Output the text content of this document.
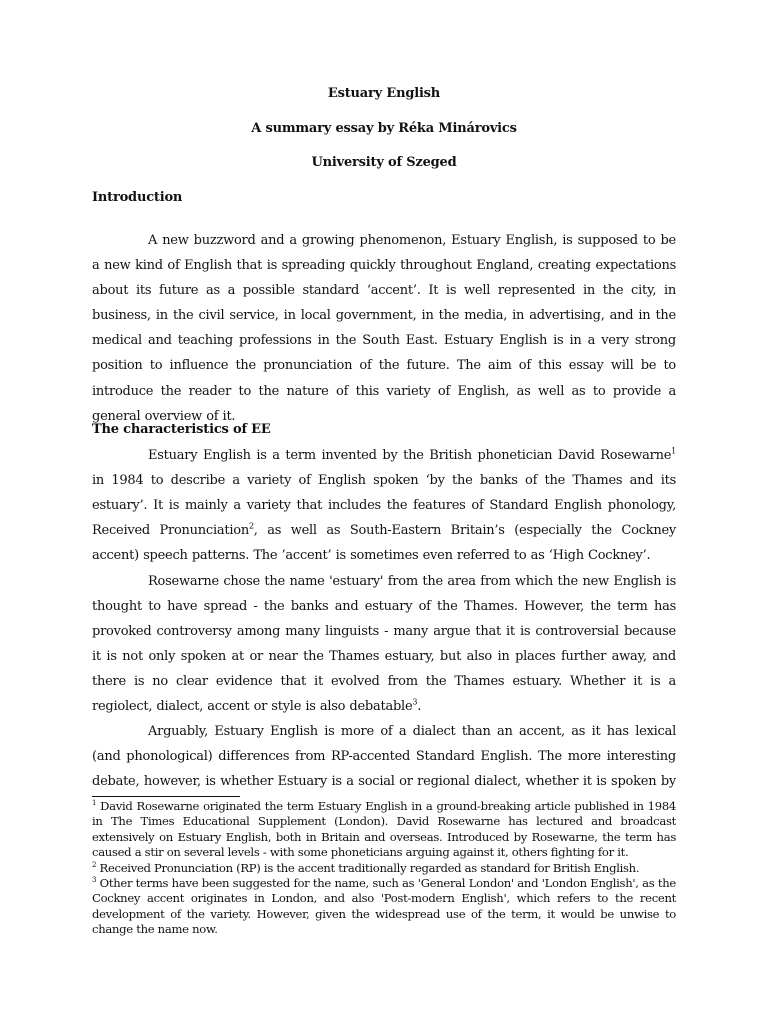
Estuary English
A summary essay by Réka Minárovics
University of Szeged
Introduction

A new buzzword and a growing phenomenon, Estuary English, is supposed to be a new kind of English that is spreading quickly throughout England, creating expectations about its future as a possible standard ‘accent’. It is well represented in the city, in business, in the civil service, in local government, in the media, in advertising, and in the medical and teaching professions in the South East. Estuary English is in a very strong position to influence the pronunciation of the future. The aim of this essay will be to introduce the reader to the nature of this variety of English, as well as to provide a general overview of it.

The characteristics of EE

Estuary English is a term invented by the British phonetician David Rosewarne$^1$ in 1984 to describe a variety of English spoken ‘by the banks of the Thames and its estuary’. It is mainly a variety that includes the features of Standard English phonology, Received Pronunciation$^2$, as well as South-Eastern Britain’s (especially the Cockney accent) speech patterns. The ’accent’ is sometimes even referred to as ‘High Cockney’.

Rosewarne chose the name 'estuary' from the area from which the new English is thought to have spread - the banks and estuary of the Thames. However, the term has provoked controversy among many linguists - many argue that it is controversial because it is not only spoken at or near the Thames estuary, but also in places further away, and there is no clear evidence that it evolved from the Thames estuary. Whether it is a regiolect, dialect, accent or style is also debatable$^3$.

Arguably, Estuary English is more of a dialect than an accent, as it has lexical (and phonological) differences from RP-accented Standard English. The more interesting debate, however, is whether Estuary is a social or regional dialect, whether it is spoken by

$^1$ David Rosewarne originated the term Estuary English in a ground-breaking article published in 1984 in The Times Educational Supplement (London). David Rosewarne has lectured and broadcast extensively on Estuary English, both in Britain and overseas. Introduced by Rosewarne, the term has caused a stir on several levels - with some phoneticians arguing against it, others fighting for it.

$^2$ Received Pronunciation (RP) is the accent traditionally regarded as standard for British English.

$^3$ Other terms have been suggested for the name, such as 'General London' and 'London English', as the Cockney accent originates in London, and also 'Post-modern English', which refers to the recent development of the variety. However, given the widespread use of the term, it would be unwise to change the name now.
